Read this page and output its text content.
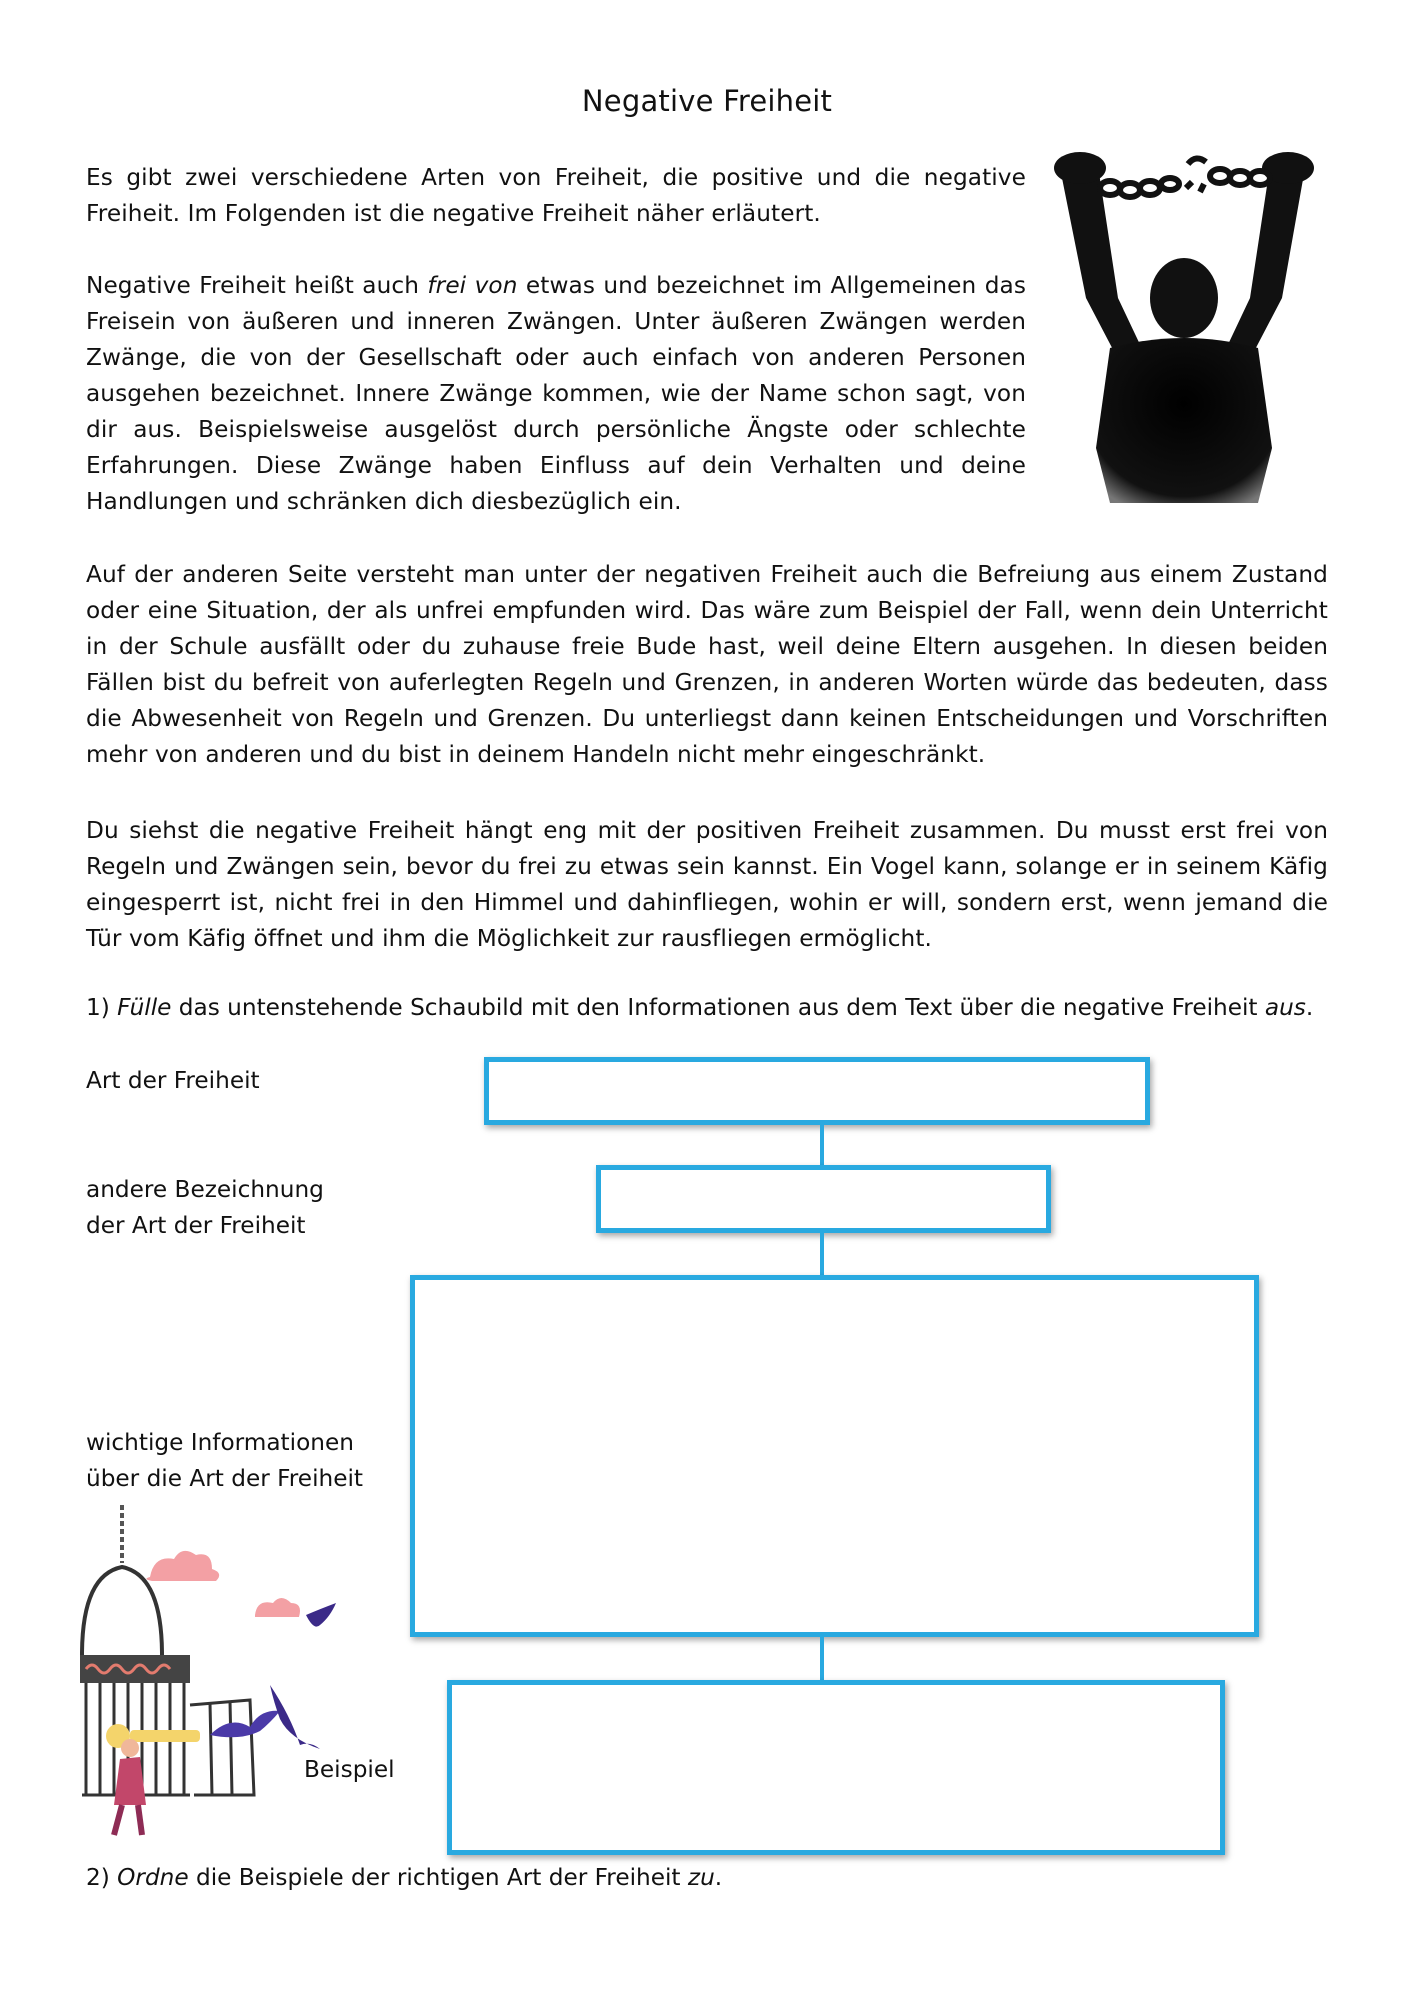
Negative Freiheit
Es gibt zwei verschiedene Arten von Freiheit, die positive und die negative Freiheit. Im Folgenden ist die negative Freiheit näher erläutert.
Negative Freiheit heißt auch frei von etwas und bezeichnet im Allgemeinen das Freisein von äußeren und inneren Zwängen. Unter äußeren Zwängen werden Zwänge, die von der Gesellschaft oder auch einfach von anderen Personen ausgehen bezeichnet. Innere Zwänge kommen, wie der Name schon sagt, von dir aus. Beispielsweise ausgelöst durch persönliche Ängste oder schlechte Erfahrungen. Diese Zwänge haben Einfluss auf dein Verhalten und deine Handlungen und schränken dich diesbezüglich ein.
Auf der anderen Seite versteht man unter der negativen Freiheit auch die Befreiung aus einem Zustand oder eine Situation, der als unfrei empfunden wird. Das wäre zum Beispiel der Fall, wenn dein Unterricht in der Schule ausfällt oder du zuhause freie Bude hast, weil deine Eltern ausgehen. In diesen beiden Fällen bist du befreit von auferlegten Regeln und Grenzen, in anderen Worten würde das bedeuten, dass die Abwesenheit von Regeln und Grenzen. Du unterliegst dann keinen Entscheidungen und Vorschriften mehr von anderen und du bist in deinem Handeln nicht mehr eingeschränkt.
Du siehst die negative Freiheit hängt eng mit der positiven Freiheit zusammen. Du musst erst frei von Regeln und Zwängen sein, bevor du frei zu etwas sein kannst. Ein Vogel kann, solange er in seinem Käfig eingesperrt ist, nicht frei in den Himmel und dahinfliegen, wohin er will, sondern erst, wenn jemand die Tür vom Käfig öffnet und ihm die Möglichkeit zur rausfliegen ermöglicht.
1) Fülle das untenstehende Schaubild mit den Informationen aus dem Text über die negative Freiheit aus.
Art der Freiheit
andere Bezeichnung
der Art der Freiheit
wichtige Informationen
über die Art der Freiheit
Beispiel
2) Ordne die Beispiele der richtigen Art der Freiheit zu.
